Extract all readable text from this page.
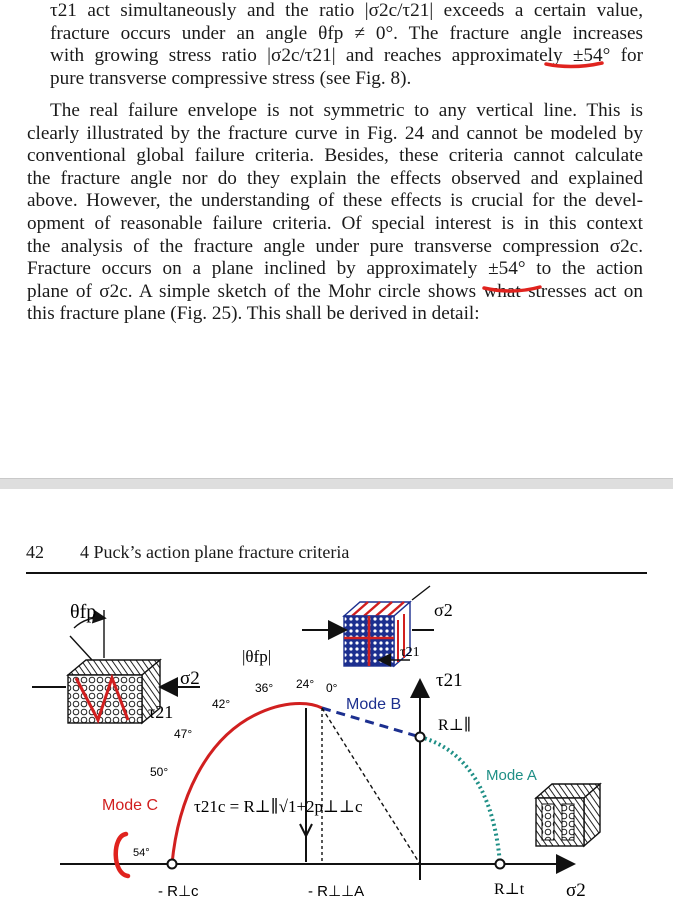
τ21 act simultaneously and the ratio |σ2c/τ21| exceeds a certain value,
fracture occurs under an angle θfp ≠ 0°. The fracture angle increases
with growing stress ratio |σ2c/τ21| and reaches approximately ±54° for
pure transverse compressive stress (see Fig. 8).
The real failure envelope is not symmetric to any vertical line. This is
clearly illustrated by the fracture curve in Fig. 24 and cannot be modeled by
conventional global failure criteria. Besides, these criteria cannot calculate
the fracture angle nor do they explain the effects observed and explained
above. However, the understanding of these effects is crucial for the devel-
opment of reasonable failure criteria. Of special interest is in this context
the analysis of the fracture angle under pure transverse compression σ2c.
Fracture occurs on a plane inclined by approximately ±54° to the action
plane of σ2c. A simple sketch of the Mohr circle shows what stresses act on
this fracture plane (Fig. 25). This shall be derived in detail:
42 4 Puck’s action plane fracture criteria
θfp
σ2
τ21
σ2
τ21
τ21
σ2
|θfp|
54°
50°
47°
42°
36° 24° 0°
Mode C
Mode B
Mode A
R⊥∥
- R⊥c	- R⊥⊥A	R⊥t
τ21c = R⊥∥√1+2p⊥⊥c
